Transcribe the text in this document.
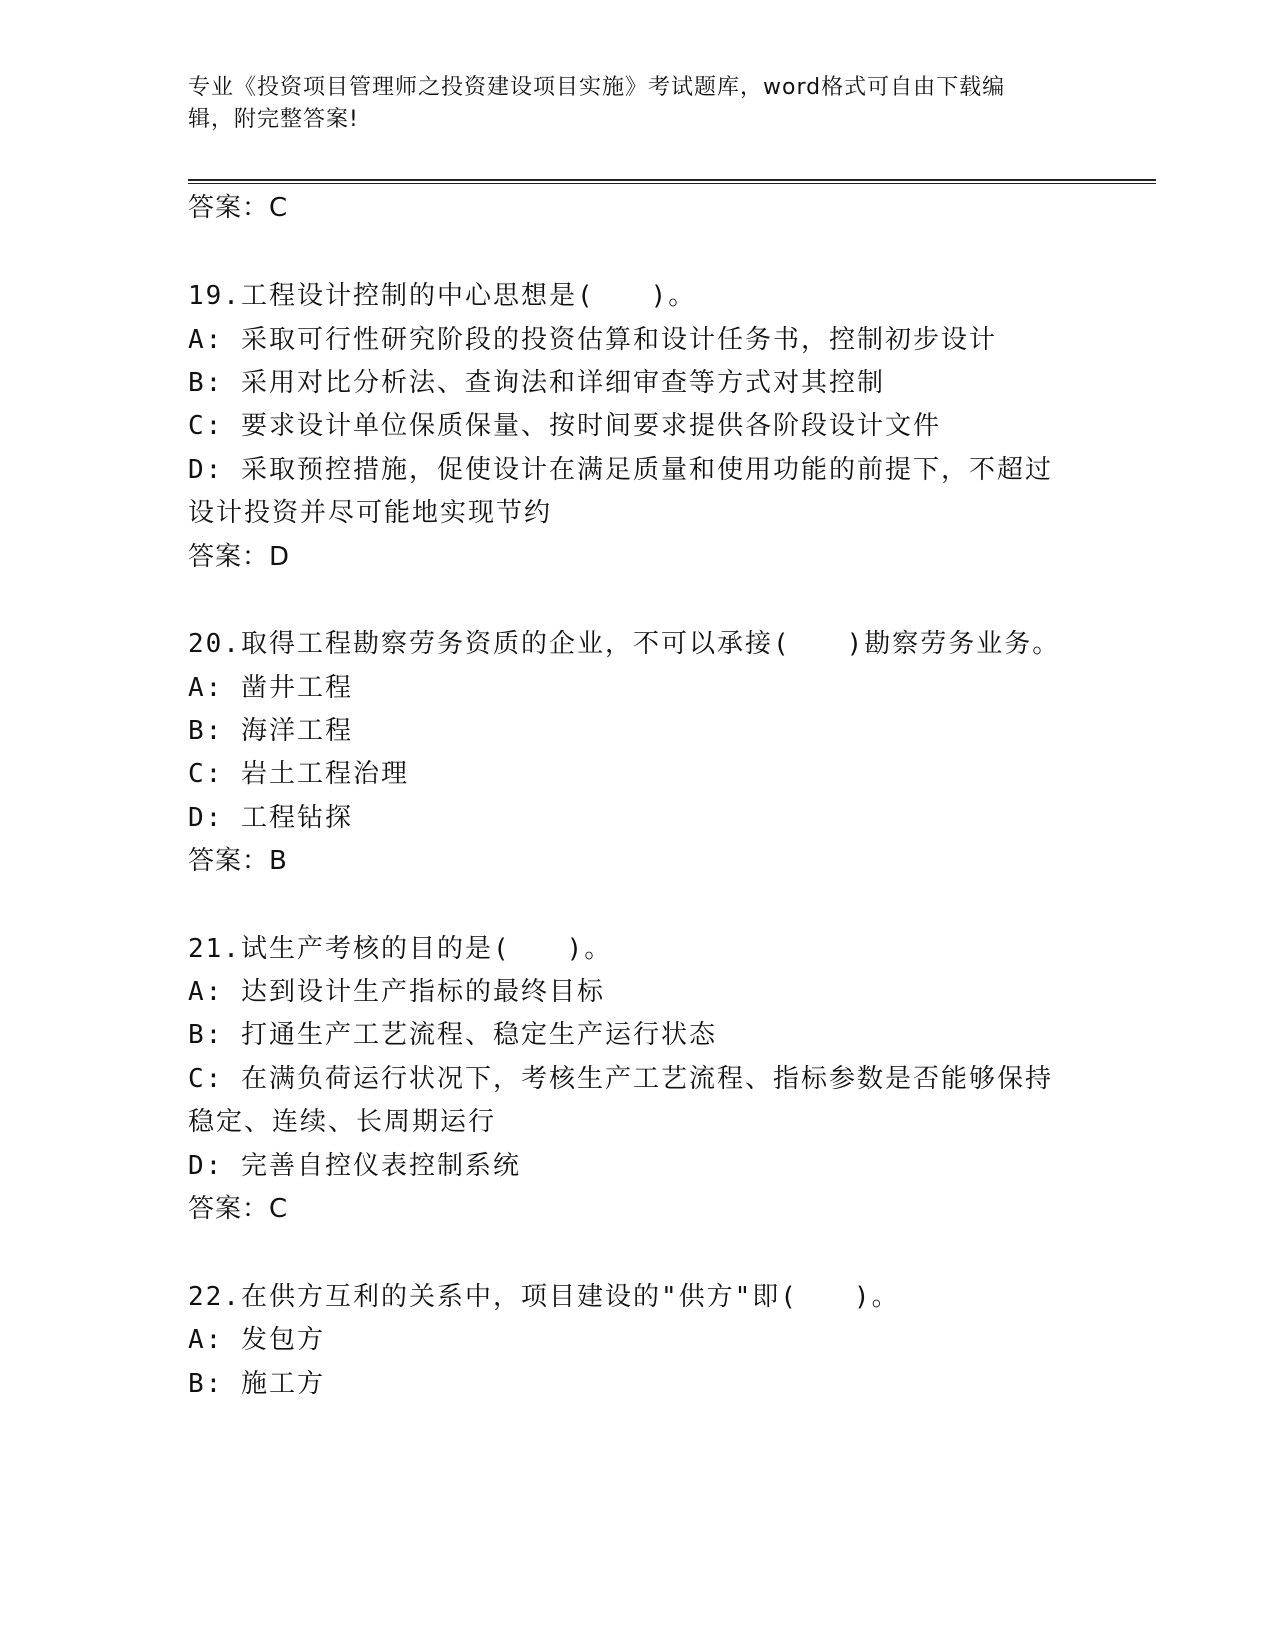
专业《投资项目管理师之投资建设项目实施》考试题库，word格式可自由下载编
辑，附完整答案!
答案：C
19.工程设计控制的中心思想是(　　)。
A: 采取可行性研究阶段的投资估算和设计任务书，控制初步设计
B: 采用对比分析法、查询法和详细审查等方式对其控制
C: 要求设计单位保质保量、按时间要求提供各阶段设计文件
D: 采取预控措施，促使设计在满足质量和使用功能的前提下，不超过
设计投资并尽可能地实现节约
答案：D
20.取得工程勘察劳务资质的企业，不可以承接(　　)勘察劳务业务。
A: 凿井工程
B: 海洋工程
C: 岩土工程治理
D: 工程钻探
答案：B
21.试生产考核的目的是(　　)。
A: 达到设计生产指标的最终目标
B: 打通生产工艺流程、稳定生产运行状态
C: 在满负荷运行状况下，考核生产工艺流程、指标参数是否能够保持
稳定、连续、长周期运行
D: 完善自控仪表控制系统
答案：C
22.在供方互利的关系中，项目建设的"供方"即(　　)。
A: 发包方
B: 施工方
